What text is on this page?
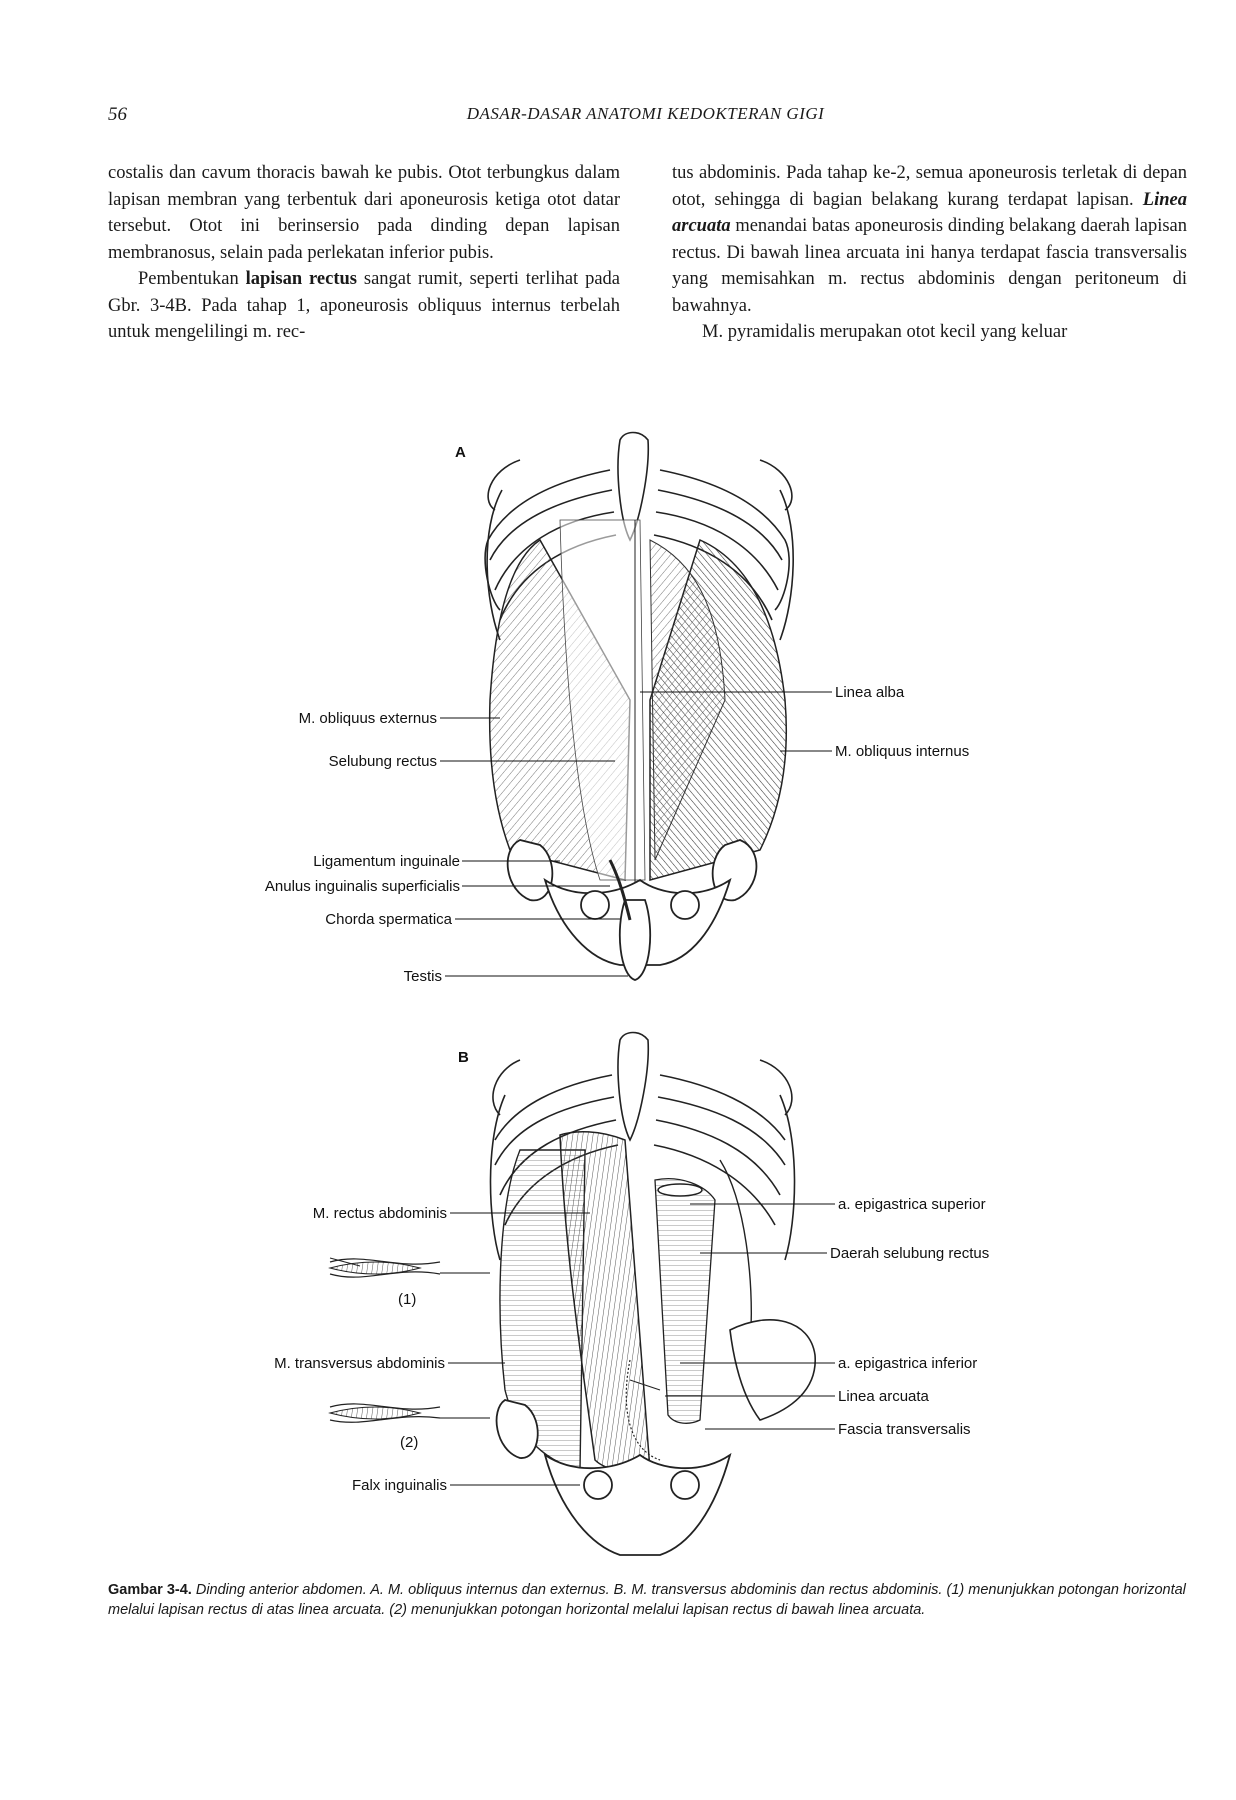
56	DASAR-DASAR ANATOMI KEDOKTERAN GIGI

costalis dan cavum thoracis bawah ke pubis. Otot terbungkus dalam lapisan membran yang terbentuk dari aponeurosis ketiga otot datar tersebut. Otot ini berinsersio pada dinding depan lapisan membranosus, selain pada perlekatan inferior pubis.

Pembentukan lapisan rectus sangat rumit, seperti terlihat pada Gbr. 3-4B. Pada tahap 1, aponeurosis obliquus internus terbelah untuk mengelilingi m. rec-

tus abdominis. Pada tahap ke-2, semua aponeurosis terletak di depan otot, sehingga di bagian belakang kurang terdapat lapisan. Linea arcuata menandai batas aponeurosis dinding belakang daerah lapisan rectus. Di bawah linea arcuata ini hanya terdapat fascia transversalis yang memisahkan m. rectus abdominis dengan peritoneum di bawahnya.

M. pyramidalis merupakan otot kecil yang keluar

A
M. obliquus externus
Selubung rectus
Ligamentum inguinale
Anulus inguinalis superficialis
Chorda spermatica
Testis
Linea alba
M. obliquus internus
B
(1)
(2)
M. rectus abdominis
M. transversus abdominis
Falx inguinalis
a. epigastrica superior
Daerah selubung rectus
a. epigastrica inferior
Linea arcuata
Fascia transversalis
Gambar 3-4. Dinding anterior abdomen. A. M. obliquus internus dan externus. B. M. transversus abdominis dan rectus abdominis. (1) menunjukkan potongan horizontal melalui lapisan rectus di atas linea arcuata. (2) menunjukkan potongan horizontal melalui lapisan rectus di bawah linea arcuata.
